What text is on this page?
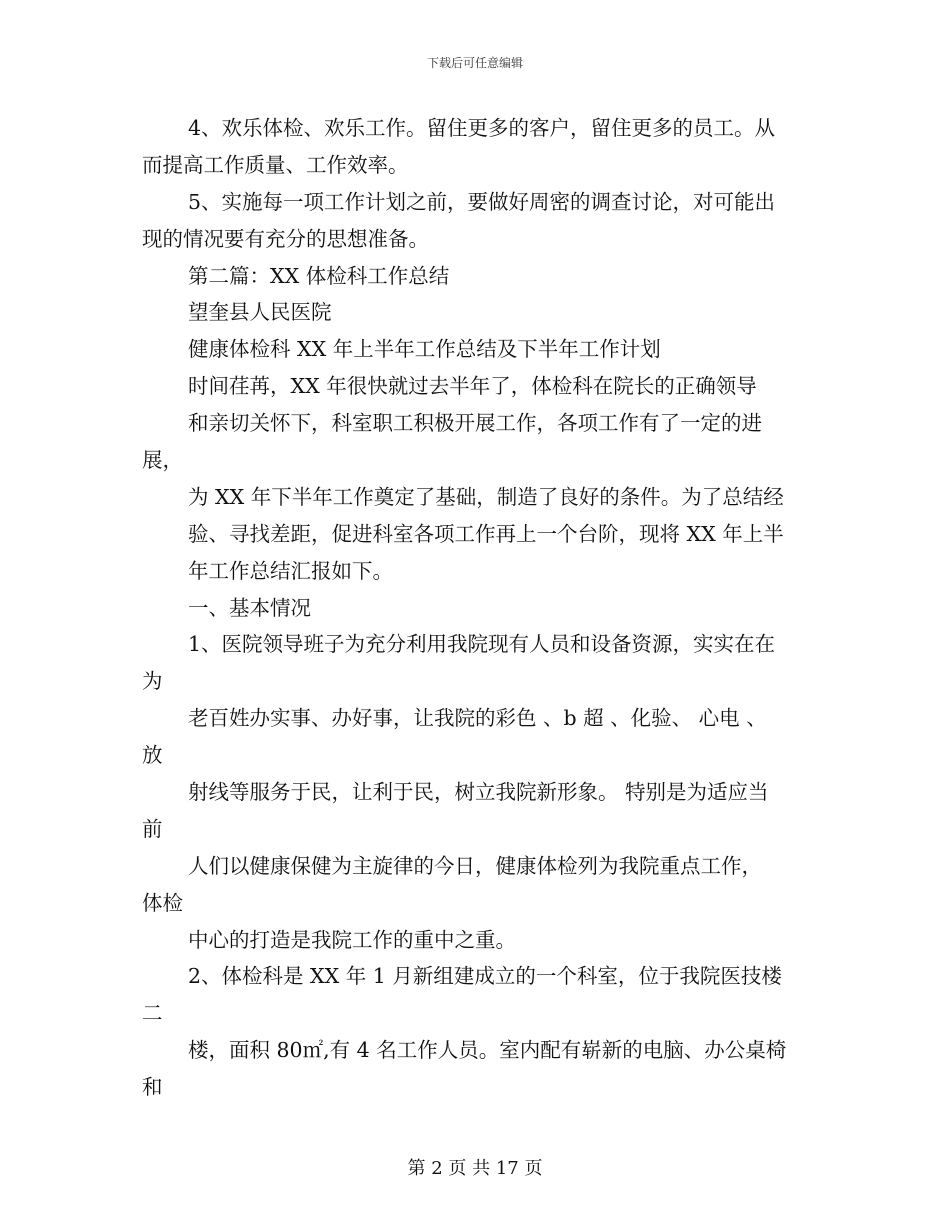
下载后可任意编辑
4、欢乐体检、欢乐工作。留住更多的客户，留住更多的员工。从
而提高工作质量、工作效率。
5、实施每一项工作计划之前，要做好周密的调查讨论，对可能出
现的情况要有充分的思想准备。
第二篇：XX 体检科工作总结
望奎县人民医院
健康体检科 XX 年上半年工作总结及下半年工作计划
时间荏苒，XX 年很快就过去半年了，体检科在院长的正确领导
和亲切关怀下，科室职工积极开展工作，各项工作有了一定的进
展，
为 XX 年下半年工作奠定了基础，制造了良好的条件。为了总结经
验、寻找差距，促进科室各项工作再上一个台阶，现将 XX 年上半
年工作总结汇报如下。
一、基本情况
1、医院领导班子为充分利用我院现有人员和设备资源，实实在在
为
老百姓办实事、办好事，让我院的彩色 、b 超 、化验、 心电 、
放
射线等服务于民，让利于民，树立我院新形象。 特别是为适应当
前
人们以健康保健为主旋律的今日，健康体检列为我院重点工作，
体检
中心的打造是我院工作的重中之重。
2、体检科是 XX 年 1 月新组建成立的一个科室，位于我院医技楼
二
楼，面积 80㎡,有 4 名工作人员。室内配有崭新的电脑、办公桌椅
和
第 2 页 共 17 页
